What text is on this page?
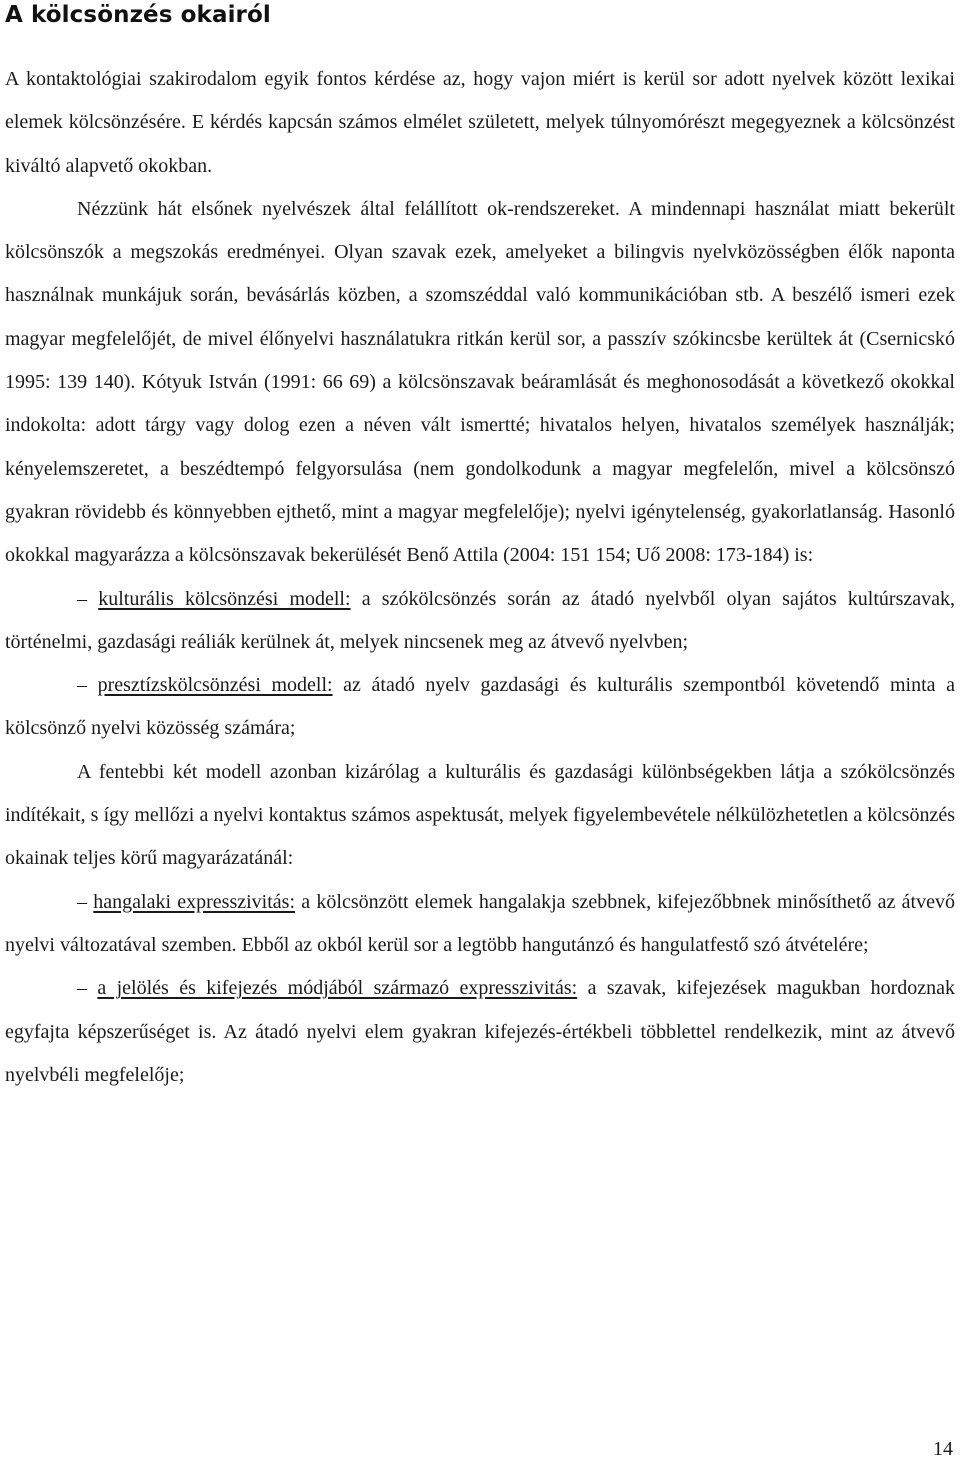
A kölcsönzés okairól

A kontaktológiai szakirodalom egyik fontos kérdése az, hogy vajon miért is kerül sor adott nyelvek között lexikai elemek kölcsönzésére. E kérdés kapcsán számos elmélet született, melyek túlnyomórészt megegyeznek a kölcsönzést kiváltó alapvető okokban.

Nézzünk hát elsőnek nyelvészek által felállított ok-rendszereket. A mindennapi használat miatt bekerült kölcsönszók a megszokás eredményei. Olyan szavak ezek, amelyeket a bilingvis nyelvközösségben élők naponta használnak munkájuk során, bevásárlás közben, a szomszéddal való kommunikációban stb. A beszélő ismeri ezek magyar megfelelőjét, de mivel élőnyelvi használatukra ritkán kerül sor, a passzív szókincsbe kerültek át (Csernicskó 1995: 139 140). Kótyuk István (1991: 66 69) a kölcsönszavak beáramlását és meghonosodását a következő okokkal indokolta: adott tárgy vagy dolog ezen a néven vált ismertté; hivatalos helyen, hivatalos személyek használják; kényelemszeretet, a beszédtempó felgyorsulása (nem gondolkodunk a magyar megfelelőn, mivel a kölcsönszó gyakran rövidebb és könnyebben ejthető, mint a magyar megfelelője); nyelvi igénytelenség, gyakorlatlanság. Hasonló okokkal magyarázza a kölcsönszavak bekerülését Benő Attila (2004: 151 154; Uő 2008: 173-184) is:

– kulturális kölcsönzési modell: a szókölcsönzés során az átadó nyelvből olyan sajátos kultúrszavak, történelmi, gazdasági reáliák kerülnek át, melyek nincsenek meg az átvevő nyelvben;

– presztízskölcsönzési modell: az átadó nyelv gazdasági és kulturális szempontból követendő minta a kölcsönző nyelvi közösség számára;

A fentebbi két modell azonban kizárólag a kulturális és gazdasági különbségekben látja a szókölcsönzés indítékait, s így mellőzi a nyelvi kontaktus számos aspektusát, melyek figyelembevétele nélkülözhetetlen a kölcsönzés okainak teljes körű magyarázatánál:

– hangalaki expresszivitás: a kölcsönzött elemek hangalakja szebbnek, kifejezőbbnek minősíthető az átvevő nyelvi változatával szemben. Ebből az okból kerül sor a legtöbb hangutánzó és hangulatfestő szó átvételére;

– a jelölés és kifejezés módjából származó expresszivitás: a szavak, kifejezések magukban hordoznak egyfajta képszerűséget is. Az átadó nyelvi elem gyakran kifejezés-értékbeli többlettel rendelkezik, mint az átvevő nyelvbéli megfelelője;

14
